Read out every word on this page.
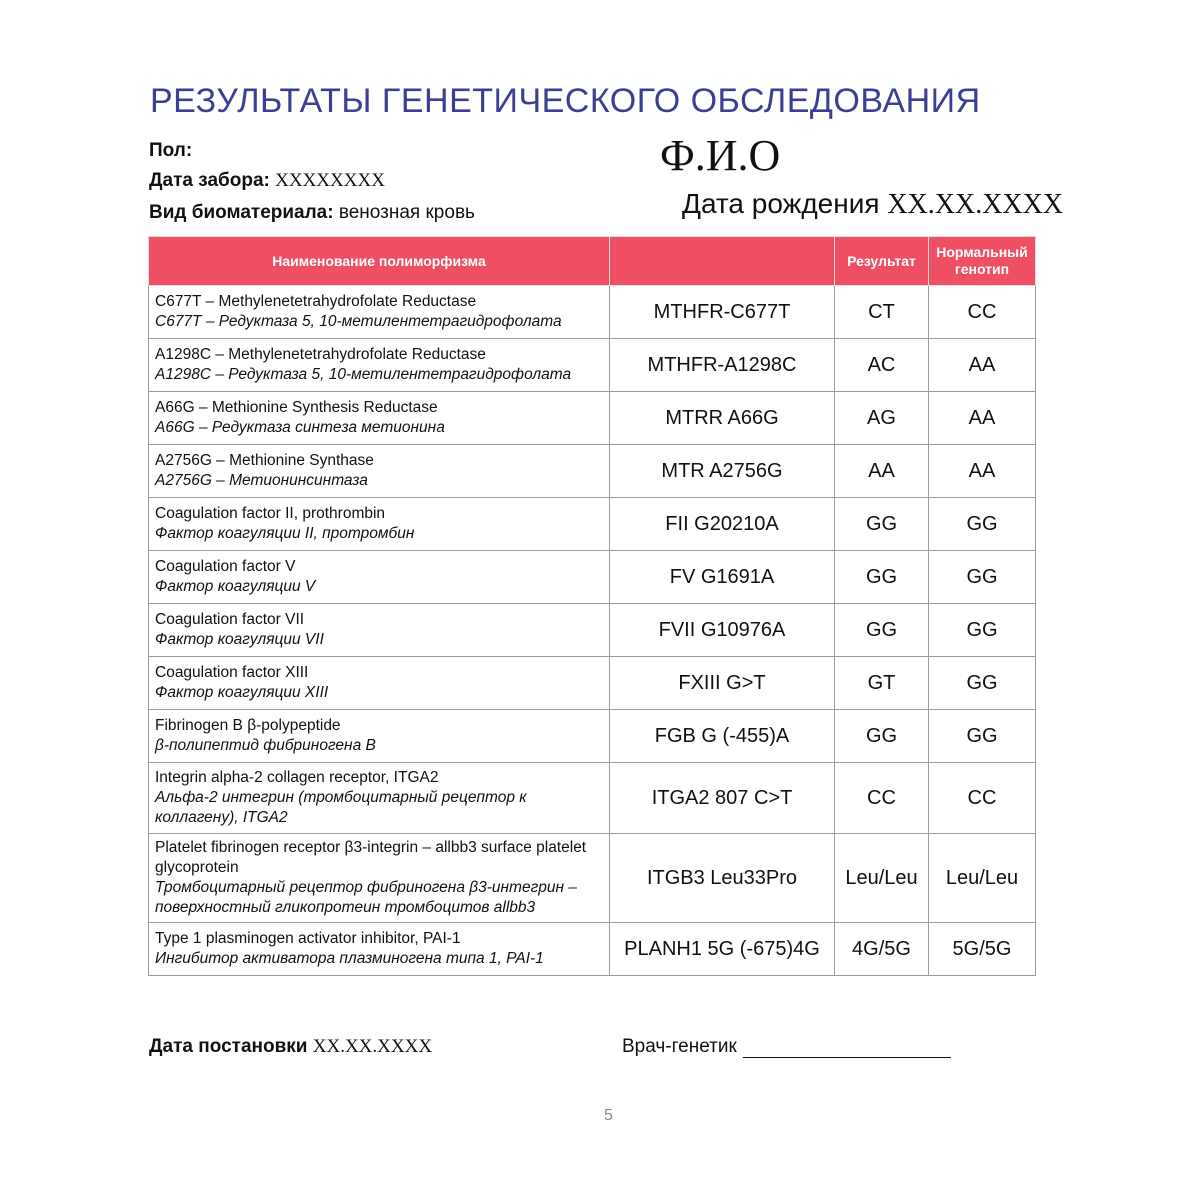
РЕЗУЛЬТАТЫ ГЕНЕТИЧЕСКОГО ОБСЛЕДОВАНИЯ
Пол:
Дата забора: XXXXXXXX
Вид биоматериала: венозная кровь
Ф.И.О
Дата рождения XX.XX.XXXX
Наименование полиморфизма		Результат	Нормальный генотип

C677T – Methylenetetrahydrofolate Reductase
C677T – Редуктаза 5, 10-метилентетрагидрофолата	MTHFR-C677T	CT	CC

A1298C – Methylenetetrahydrofolate Reductase
A1298C – Редуктаза 5, 10-метилентетрагидрофолата	MTHFR-A1298C	AC	AA

A66G – Methionine Synthesis Reductase
A66G – Редуктаза синтеза метионина	MTRR A66G	AG	AA

A2756G – Methionine Synthase
A2756G – Метионинсинтаза	MTR A2756G	AA	AA

Coagulation factor II, prothrombin
Фактор коагуляции II, протромбин	FII G20210A	GG	GG

Coagulation factor V
Фактор коагуляции V	FV G1691A	GG	GG

Coagulation factor VII
Фактор коагуляции VII	FVII G10976A	GG	GG

Coagulation factor XIII
Фактор коагуляции XIII	FXIII G>T	GT	GG

Fibrinogen B β-polypeptide
β-полипептид фибриногена B	FGB G (-455)A	GG	GG

Integrin alpha-2 collagen receptor, ITGA2
Альфа-2 интегрин (тромбоцитарный рецептор к коллагену), ITGA2	ITGA2 807 C>T	CC	CC

Platelet fibrinogen receptor β3-integrin – allbb3 surface platelet glycoprotein
Тромбоцитарный рецептор фибриногена β3-интегрин – поверхностный гликопротеин тромбоцитов allbb3	ITGB3 Leu33Pro	Leu/Leu	Leu/Leu

Type 1 plasminogen activator inhibitor, PAI-1
Ингибитор активатора плазминогена типа 1, PAI-1	PLANH1 5G (-675)4G	4G/5G	5G/5G
Дата постановки XX.XX.XXXX	Врач-генетик
5
